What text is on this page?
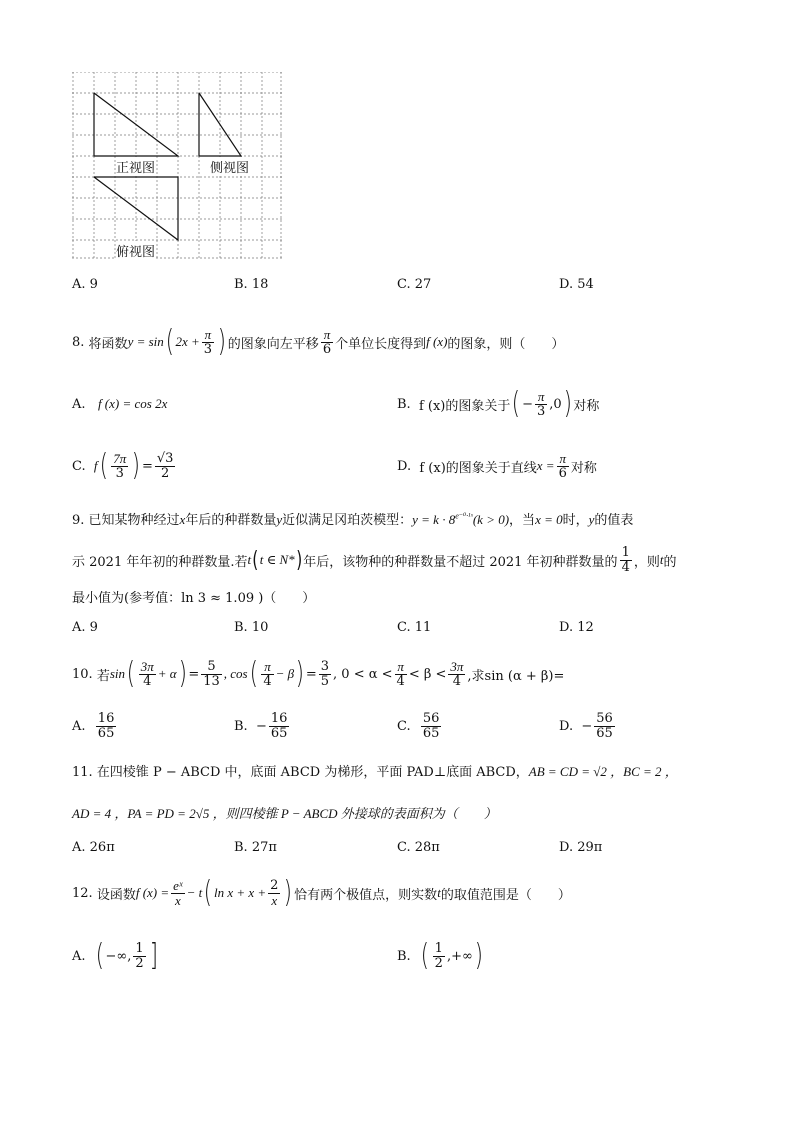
正视图	侧视图
俯视图
A. 9	B. 18	C. 27	D. 54
8.
将函数 y = sin ( $2x + \frac{\pi}{3}$ ) 的图象向左平移 $\frac{\pi}{6}$ 个单位长度得到 f (x) 的图象，则（　　）
A. f (x) = cos 2x	B.
f (x)的图象关于 ( − $\frac{\pi}{3} ,0$ ) 对称
C.
f ( $\frac{7\pi}{3}$ ) = $\frac{√3}{2}$	D.
f (x)的图象关于直线 $x = \frac{\pi}{6}$ 对称
9. 已知某物种经过x年后的种群数量y近似满足冈珀茨模型：$y = k \cdot 8^{e^{-0}\cdot^1ˣ}(k > 0)$，当x = 0时，y的值表
示 2021 年年初的种群数量.若 t ( t ∈ N* ) 年后，该物种的种群数量不超过 2021 年初种群数量的 $\frac{1}{4}$ ，则 t 的
最小值为(参考值：ln 3 ≈ 1.09 )（　　）
A. 9	B. 10	C. 11	D. 12
10.
若 sin ( $\frac{3\pi}{4} + \alpha$ ) = $\frac{5}{13}$ , cos ( $\frac{\pi}{4} - \beta$ ) = $\frac{3}{5}$ , $0 < \alpha < \frac{\pi}{4} < \beta < \frac{3\pi}{4}$ ,求sin (α + β)=
A.
$\frac{16}{65}$	B.
− $\frac{16}{65}$	C.
$\frac{56}{65}$	D.
− $\frac{56}{65}$
11. 在四棱锥 P − ABCD 中，底面 ABCD 为梯形，平面 PAD⊥底面 ABCD，AB = CD = √2 ，BC = 2 ，
AD = 4 ，PA = PD = 2√5 ，则四棱锥 P − ABCD 外接球的表面积为（　　）
A. 26π	B. 27π	C. 28π	D. 29π
12.
设函数 f $(x) = \frac{\text{eˣ}}{x} - t$ ( $\ln x + x + \frac{2}{x}$ ) 恰有两个极值点，则实数 t 的取值范围是（　　）
A.
( −∞, $\frac{1}{2}$ ]	B.
( $\frac{1}{2}$ ,+∞ )
